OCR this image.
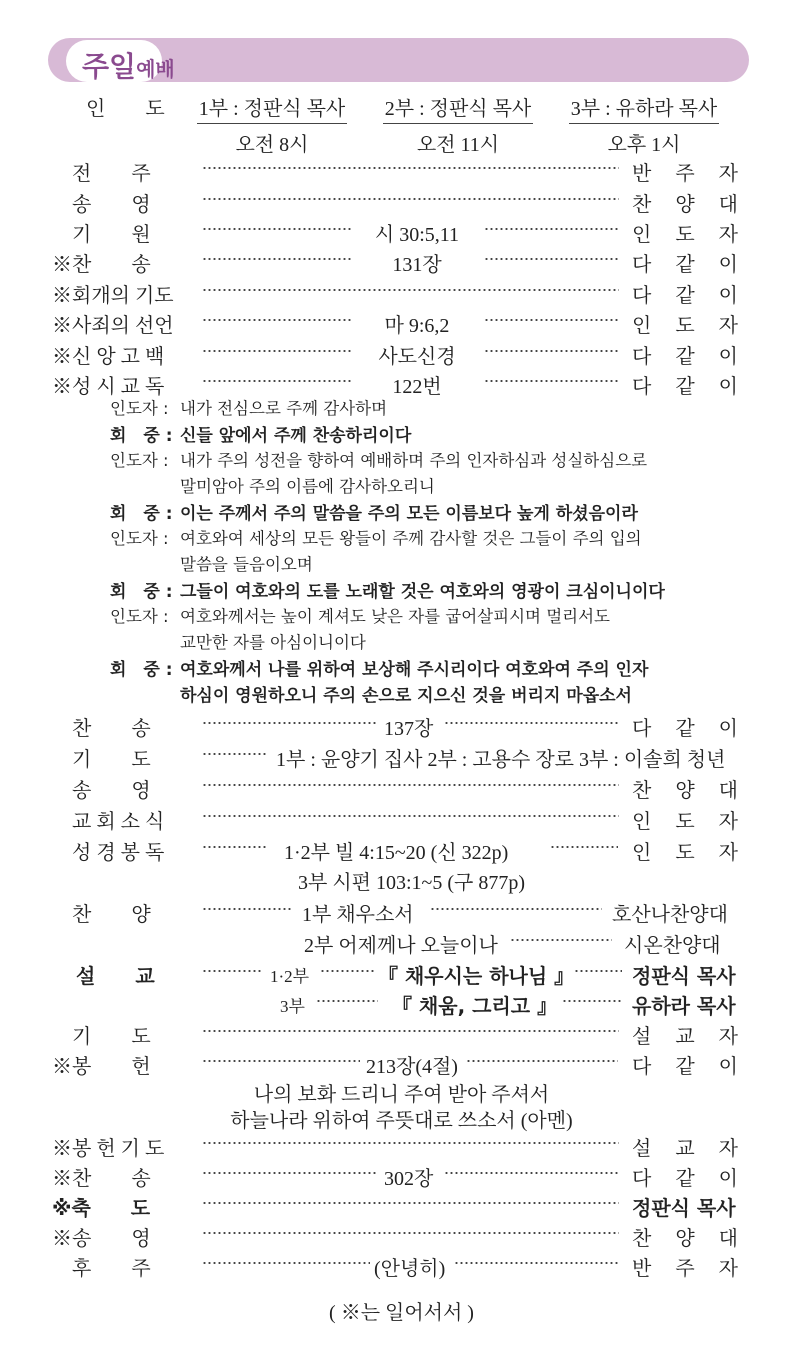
주일예배
인　　도 1부 : 정판식 목사
오전 8시
2부 : 정판식 목사
오전 11시
3부 : 유하라 목사
오후 1시
전　　주	반　주　자
송　　영	찬　양　대
기　　원	시 30:5,11	인　도　자
※찬　　송	131장	다　같　이
※회개의 기도	다　같　이
※사죄의 선언	마 9:6,2	인　도　자
※신 앙 고 백	사도신경	다　같　이
※성 시 교 독	122번	다　같　이
인도자 : 내가 전심으로 주께 감사하며
회　중 : 신들 앞에서 주께 찬송하리이다
인도자 : 내가 주의 성전을 향하여 예배하며 주의 인자하심과 성실하심으로
말미암아 주의 이름에 감사하오리니
회　중 : 이는 주께서 주의 말씀을 주의 모든 이름보다 높게 하셨음이라
인도자 : 여호와여 세상의 모든 왕들이 주께 감사할 것은 그들이 주의 입의
말씀을 들음이오며
회　중 : 그들이 여호와의 도를 노래할 것은 여호와의 영광이 크심이니이다
인도자 : 여호와께서는 높이 계셔도 낮은 자를 굽어살피시며 멀리서도
교만한 자를 아심이니이다
회　중 : 여호와께서 나를 위하여 보상해 주시리이다 여호와여 주의 인자
하심이 영원하오니 주의 손으로 지으신 것을 버리지 마옵소서
찬　　송	137장	다　같　이
기　　도	1부 : 윤양기 집사 2부 : 고용수 장로 3부 : 이솔희 청년
송　　영	찬　양　대
교 회 소 식	인　도　자
성 경 봉 독	1·2부 빌 4:15~20 (신 322p)	인　도　자
3부 시편 103:1~5 (구 877p)
찬　　양	1부 채우소서	호산나찬양대
2부 어제께나 오늘이나	시온찬양대
설　　교	1·2부	『 채우시는 하나님 』	정판식 목사
3부	『 채움, 그리고 』	유하라 목사
기　　도	설　교　자
※봉　　헌	213장(4절)	다　같　이
나의 보화 드리니 주여 받아 주셔서
하늘나라 위하여 주뜻대로 쓰소서 (아멘)
※봉 헌 기 도	설　교　자
※찬　　송	302장	다　같　이
※축　　도	정판식 목사
※송　　영	찬　양　대
후　　주	(안녕히)	반　주　자
( ※는 일어서서 )
